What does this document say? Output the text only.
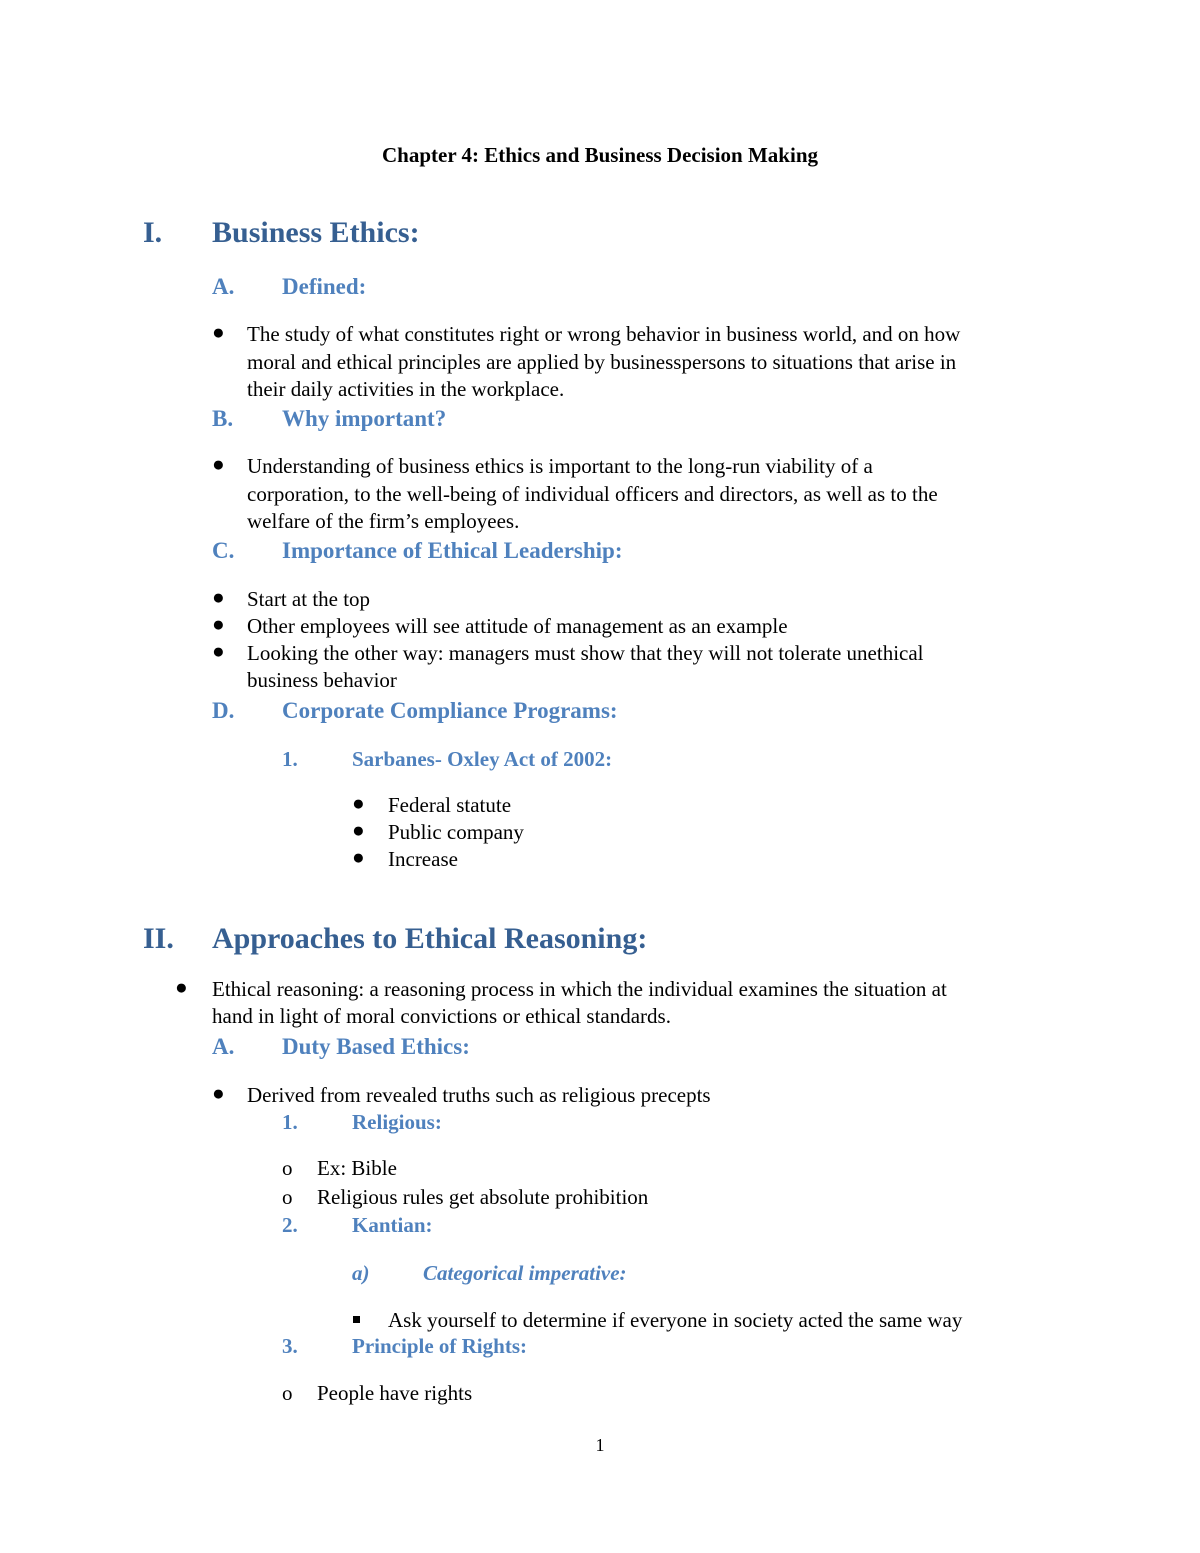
Chapter 4: Ethics and Business Decision Making
I. Business Ethics:
A. Defined:
● The study of what constitutes right or wrong behavior in business world, and on how
moral and ethical principles are applied by businesspersons to situations that arise in
their daily activities in the workplace.
B. Why important?
● Understanding of business ethics is important to the long-run viability of a
corporation, to the well-being of individual officers and directors, as well as to the
welfare of the firm’s employees.
C. Importance of Ethical Leadership:
● Start at the top
● Other employees will see attitude of management as an example
● Looking the other way: managers must show that they will not tolerate unethical
business behavior
D. Corporate Compliance Programs:
1.	Sarbanes- Oxley Act of 2002:
● Federal statute
● Public company
● Increase
II. Approaches to Ethical Reasoning:
● Ethical reasoning: a reasoning process in which the individual examines the situation at
hand in light of moral convictions or ethical standards.
A. Duty Based Ethics:
● Derived from revealed truths such as religious precepts
1.	Religious:
o Ex: Bible
o Religious rules get absolute prohibition
2.	Kantian:
a)	Categorical imperative:
Ask yourself to determine if everyone in society acted the same way
3.	Principle of Rights:
o People have rights
1
